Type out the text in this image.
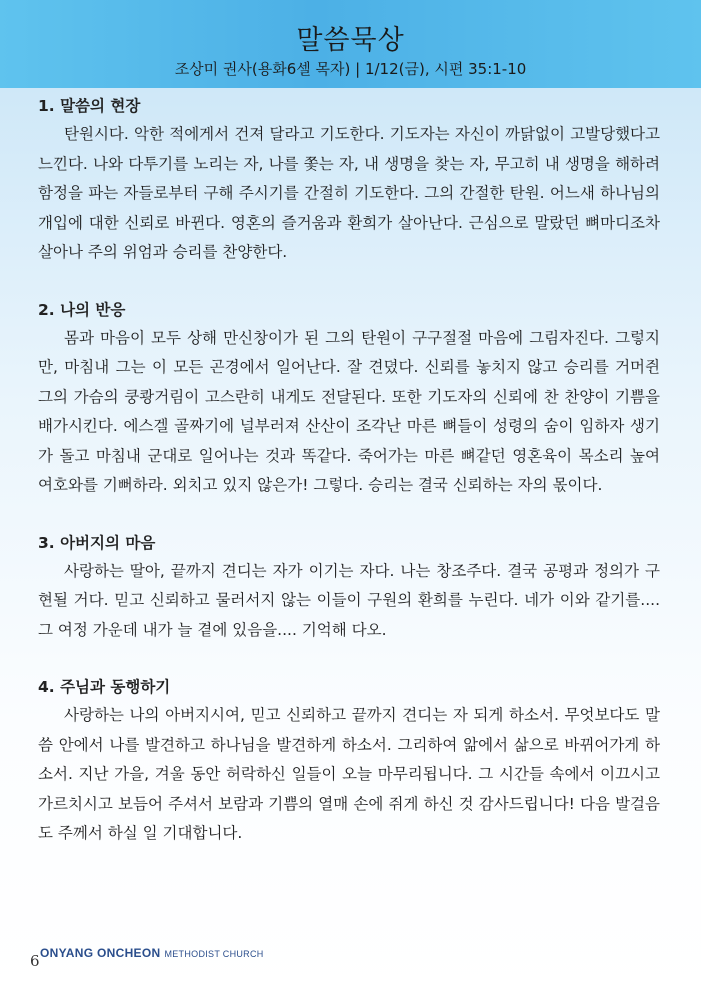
말씀묵상
조상미 권사(용화6셀 목자) | 1/12(금), 시편 35:1-10

1. 말씀의 현장

탄원시다. 악한 적에게서 건져 달라고 기도한다. 기도자는 자신이 까닭없이 고발당했다고 느낀다. 나와 다투기를 노리는 자, 나를 쫓는 자, 내 생명을 찾는 자, 무고히 내 생명을 해하려 함정을 파는 자들로부터 구해 주시기를 간절히 기도한다. 그의 간절한 탄원. 어느새 하나님의 개입에 대한 신뢰로 바뀐다. 영혼의 즐거움과 환희가 살아난다. 근심으로 말랐던 뼈마디조차 살아나 주의 위엄과 승리를 찬양한다.

2. 나의 반응

몸과 마음이 모두 상해 만신창이가 된 그의 탄원이 구구절절 마음에 그림자진다. 그렇지만, 마침내 그는 이 모든 곤경에서 일어난다. 잘 견뎠다. 신뢰를 놓치지 않고 승리를 거머쥔 그의 가슴의 쿵쾅거림이 고스란히 내게도 전달된다. 또한 기도자의 신뢰에 찬 찬양이 기쁨을 배가시킨다. 에스겔 골짜기에 널부러져 산산이 조각난 마른 뼈들이 성령의 숨이 임하자 생기가 돌고 마침내 군대로 일어나는 것과 똑같다. 죽어가는 마른 뼈같던 영혼육이 목소리 높여 여호와를 기뻐하라. 외치고 있지 않은가! 그렇다. 승리는 결국 신뢰하는 자의 몫이다.

3. 아버지의 마음

사랑하는 딸아, 끝까지 견디는 자가 이기는 자다. 나는 창조주다. 결국 공평과 정의가 구현될 거다. 믿고 신뢰하고 물러서지 않는 이들이 구원의 환희를 누린다. 네가 이와 같기를.... 그 여정 가운데 내가 늘 곁에 있음을.... 기억해 다오.

4. 주님과 동행하기

사랑하는 나의 아버지시여, 믿고 신뢰하고 끝까지 견디는 자 되게 하소서. 무엇보다도 말씀 안에서 나를 발견하고 하나님을 발견하게 하소서. 그리하여 앎에서 삶으로 바뀌어가게 하소서. 지난 가을, 겨울 동안 허락하신 일들이 오늘 마무리됩니다. 그 시간들 속에서 이끄시고 가르치시고 보듬어 주셔서 보람과 기쁨의 열매 손에 쥐게 하신 것 감사드립니다! 다음 발걸음도 주께서 하실 일 기대합니다.

6 ONYANG ONCHEON METHODIST CHURCH
